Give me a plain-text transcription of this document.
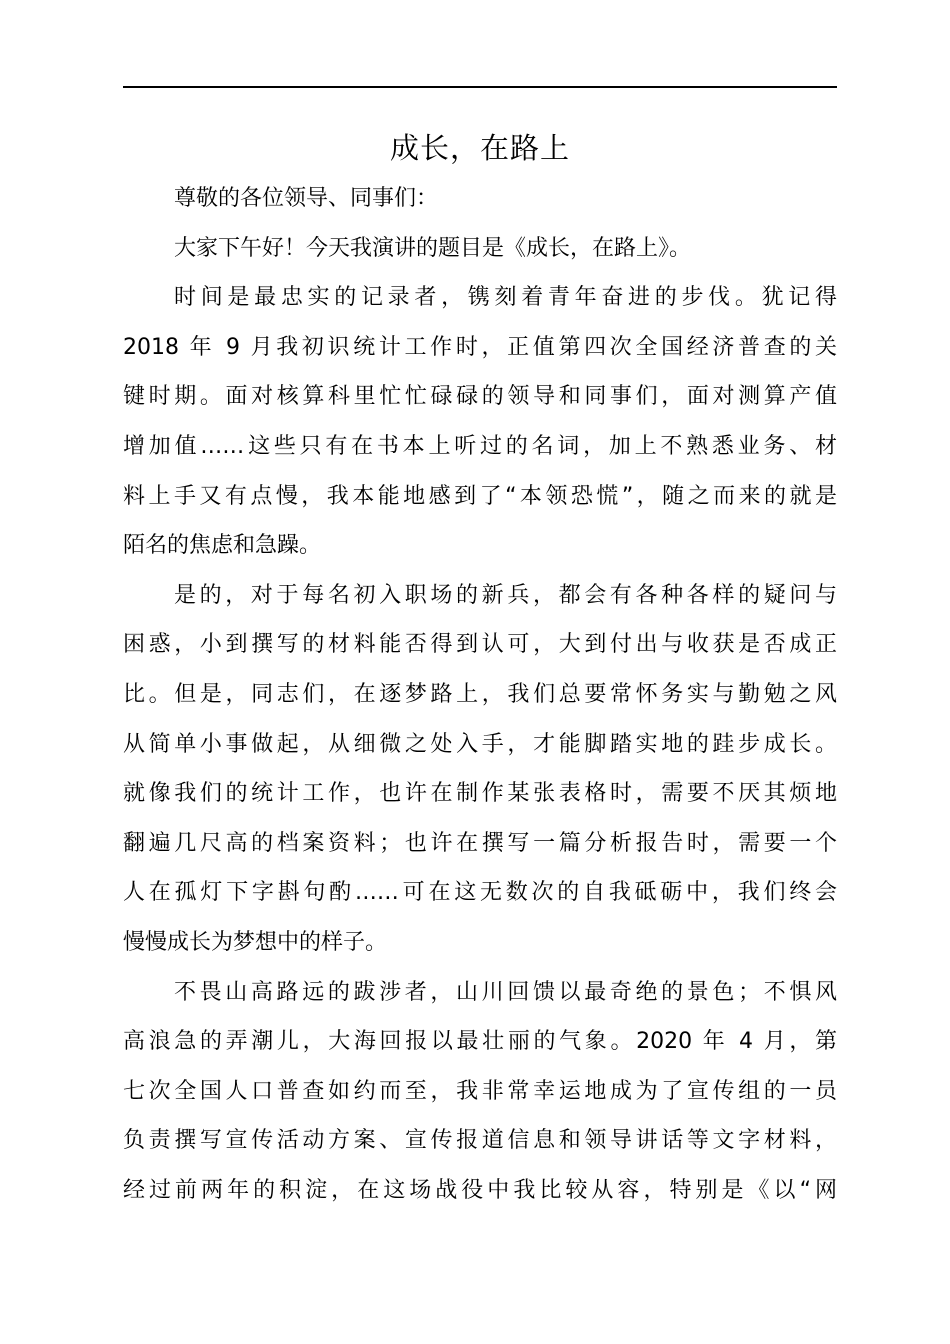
成长，在路上
尊敬的各位领导、同事们：
大家下午好！今天我演讲的题目是《成长，在路上》。
时间是最忠实的记录者，镌刻着青年奋进的步伐。犹记得
2018 年 9 月我初识统计工作时，正值第四次全国经济普查的关
键时期。面对核算科里忙忙碌碌的领导和同事们，面对测算产值
增加值……这些只有在书本上听过的名词，加上不熟悉业务、材
料上手又有点慢，我本能地感到了“本领恐慌”，随之而来的就是
陌名的焦虑和急躁。
是的，对于每名初入职场的新兵，都会有各种各样的疑问与
困惑，小到撰写的材料能否得到认可，大到付出与收获是否成正
比。但是，同志们，在逐梦路上，我们总要常怀务实与勤勉之风
从简单小事做起，从细微之处入手，才能脚踏实地的跬步成长。
就像我们的统计工作，也许在制作某张表格时，需要不厌其烦地
翻遍几尺高的档案资料；也许在撰写一篇分析报告时，需要一个
人在孤灯下字斟句酌……可在这无数次的自我砥砺中，我们终会
慢慢成长为梦想中的样子。
不畏山高路远的跋涉者，山川回馈以最奇绝的景色；不惧风
高浪急的弄潮儿，大海回报以最壮丽的气象。2020 年 4 月，第
七次全国人口普查如约而至，我非常幸运地成为了宣传组的一员
负责撰写宣传活动方案、宣传报道信息和领导讲话等文字材料，
经过前两年的积淀，在这场战役中我比较从容，特别是《以“网
